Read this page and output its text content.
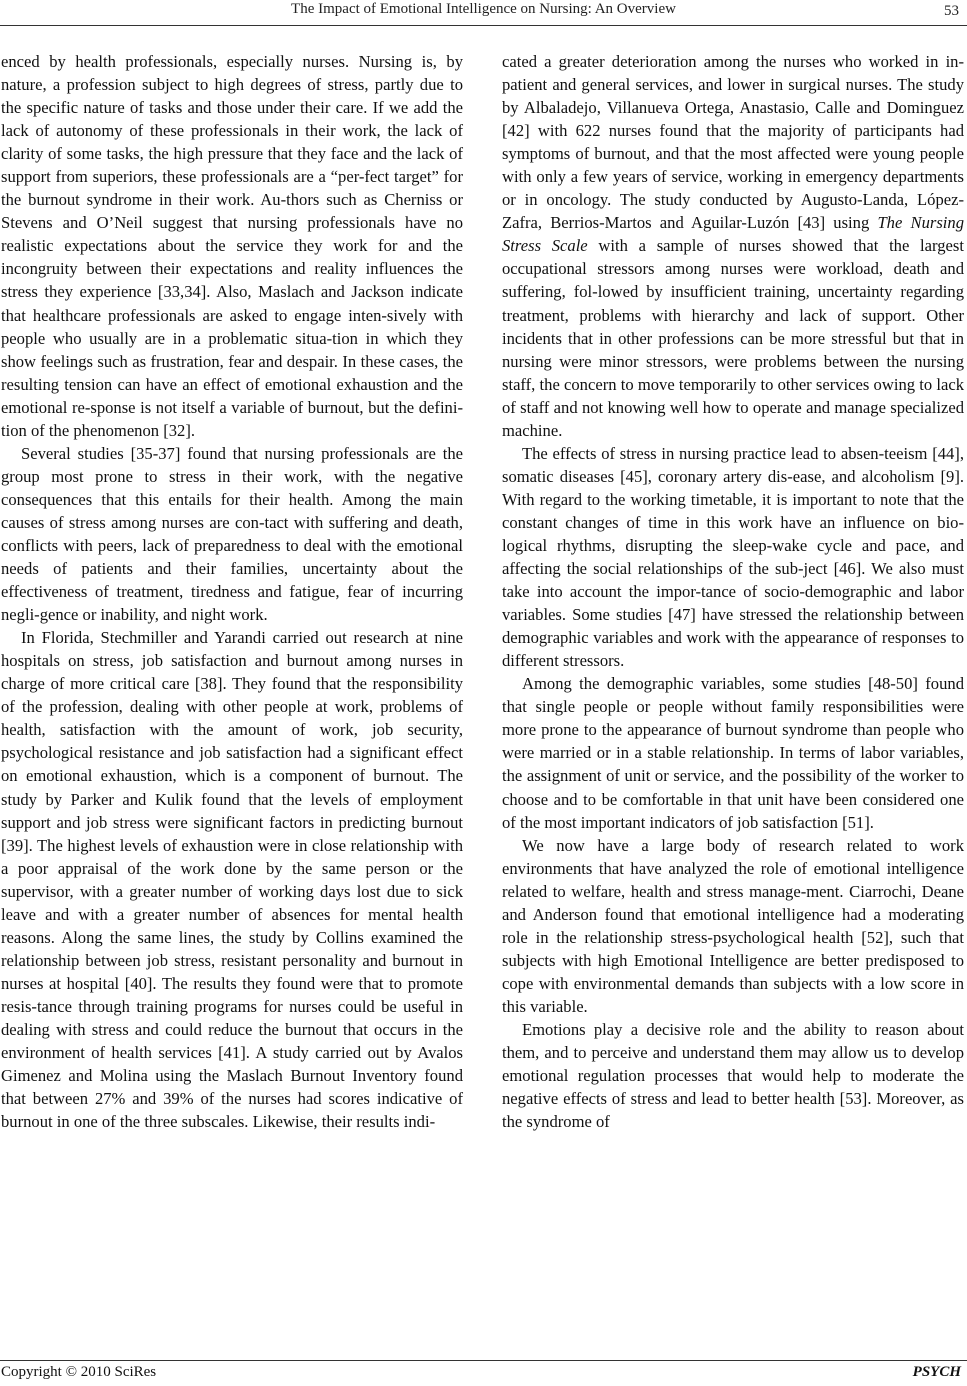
The Impact of Emotional Intelligence on Nursing: An Overview	53

enced by health professionals, especially nurses. Nursing is, by nature, a profession subject to high degrees of stress, partly due to the specific nature of tasks and those under their care. If we add the lack of autonomy of these professionals in their work, the lack of clarity of some tasks, the high pressure that they face and the lack of support from superiors, these professionals are a “per-fect target” for the burnout syndrome in their work. Au-thors such as Cherniss or Stevens and O’Neil suggest that nursing professionals have no realistic expectations about the service they work for and the incongruity between their expectations and reality influences the stress they experience [33,34]. Also, Maslach and Jackson indicate that healthcare professionals are asked to engage inten-sively with people who usually are in a problematic situa-tion in which they show feelings such as frustration, fear and despair. In these cases, the resulting tension can have an effect of emotional exhaustion and the emotional re-sponse is not itself a variable of burnout, but the defini-tion of the phenomenon [32].

Several studies [35-37] found that nursing professionals are the group most prone to stress in their work, with the negative consequences that this entails for their health. Among the main causes of stress among nurses are con-tact with suffering and death, conflicts with peers, lack of preparedness to deal with the emotional needs of patients and their families, uncertainty about the effectiveness of treatment, tiredness and fatigue, fear of incurring negli-gence or inability, and night work.

In Florida, Stechmiller and Yarandi carried out research at nine hospitals on stress, job satisfaction and burnout among nurses in charge of more critical care [38]. They found that the responsibility of the profession, dealing with other people at work, problems of health, satisfaction with the amount of work, job security, psychological resistance and job satisfaction had a significant effect on emotional exhaustion, which is a component of burnout. The study by Parker and Kulik found that the levels of employment support and job stress were significant factors in predicting burnout [39]. The highest levels of exhaustion were in close relationship with a poor appraisal of the work done by the same person or the supervisor, with a greater number of working days lost due to sick leave and with a greater number of absences for mental health reasons. Along the same lines, the study by Collins examined the relationship between job stress, resistant personality and burnout in nurses at hospital [40]. The results they found were that to promote resis-tance through training programs for nurses could be useful in dealing with stress and could reduce the burnout that occurs in the environment of health services [41]. A study carried out by Avalos Gimenez and Molina using the Maslach Burnout Inventory found that between 27% and 39% of the nurses had scores indicative of burnout in one of the three subscales. Likewise, their results indi-

cated a greater deterioration among the nurses who worked in in-patient and general services, and lower in surgical nurses. The study by Albaladejo, Villanueva Ortega, Anastasio, Calle and Dominguez [42] with 622 nurses found that the majority of participants had symptoms of burnout, and that the most affected were young people with only a few years of service, working in emergency departments or in oncology. The study conducted by Augusto-Landa, López-Zafra, Berrios-Martos and Aguilar-Luzón [43] using The Nursing Stress Scale with a sample of nurses showed that the largest occupational stressors among nurses were workload, death and suffering, fol-lowed by insufficient training, uncertainty regarding treatment, problems with hierarchy and lack of support. Other incidents that in other professions can be more stressful but that in nursing were minor stressors, were problems between the nursing staff, the concern to move temporarily to other services owing to lack of staff and not knowing well how to operate and manage specialized machine.

The effects of stress in nursing practice lead to absen-teeism [44], somatic diseases [45], coronary artery dis-ease, and alcoholism [9]. With regard to the working timetable, it is important to note that the constant changes of time in this work have an influence on bio-logical rhythms, disrupting the sleep-wake cycle and pace, and affecting the social relationships of the sub-ject [46]. We also must take into account the impor-tance of socio-demographic and labor variables. Some studies [47] have stressed the relationship between demographic variables and work with the appearance of responses to different stressors.

Among the demographic variables, some studies [48-50] found that single people or people without family responsibilities were more prone to the appearance of burnout syndrome than people who were married or in a stable relationship. In terms of labor variables, the assignment of unit or service, and the possibility of the worker to choose and to be comfortable in that unit have been considered one of the most important indicators of job satisfaction [51].

We now have a large body of research related to work environments that have analyzed the role of emotional intelligence related to welfare, health and stress manage-ment. Ciarrochi, Deane and Anderson found that emotional intelligence had a moderating role in the relationship stress-psychological health [52], such that subjects with high Emotional Intelligence are better predisposed to cope with environmental demands than subjects with a low score in this variable.

Emotions play a decisive role and the ability to reason about them, and to perceive and understand them may allow us to develop emotional regulation processes that would help to moderate the negative effects of stress and lead to better health [53]. Moreover, as the syndrome of

Copyright © 2010 SciRes	PSYCH
